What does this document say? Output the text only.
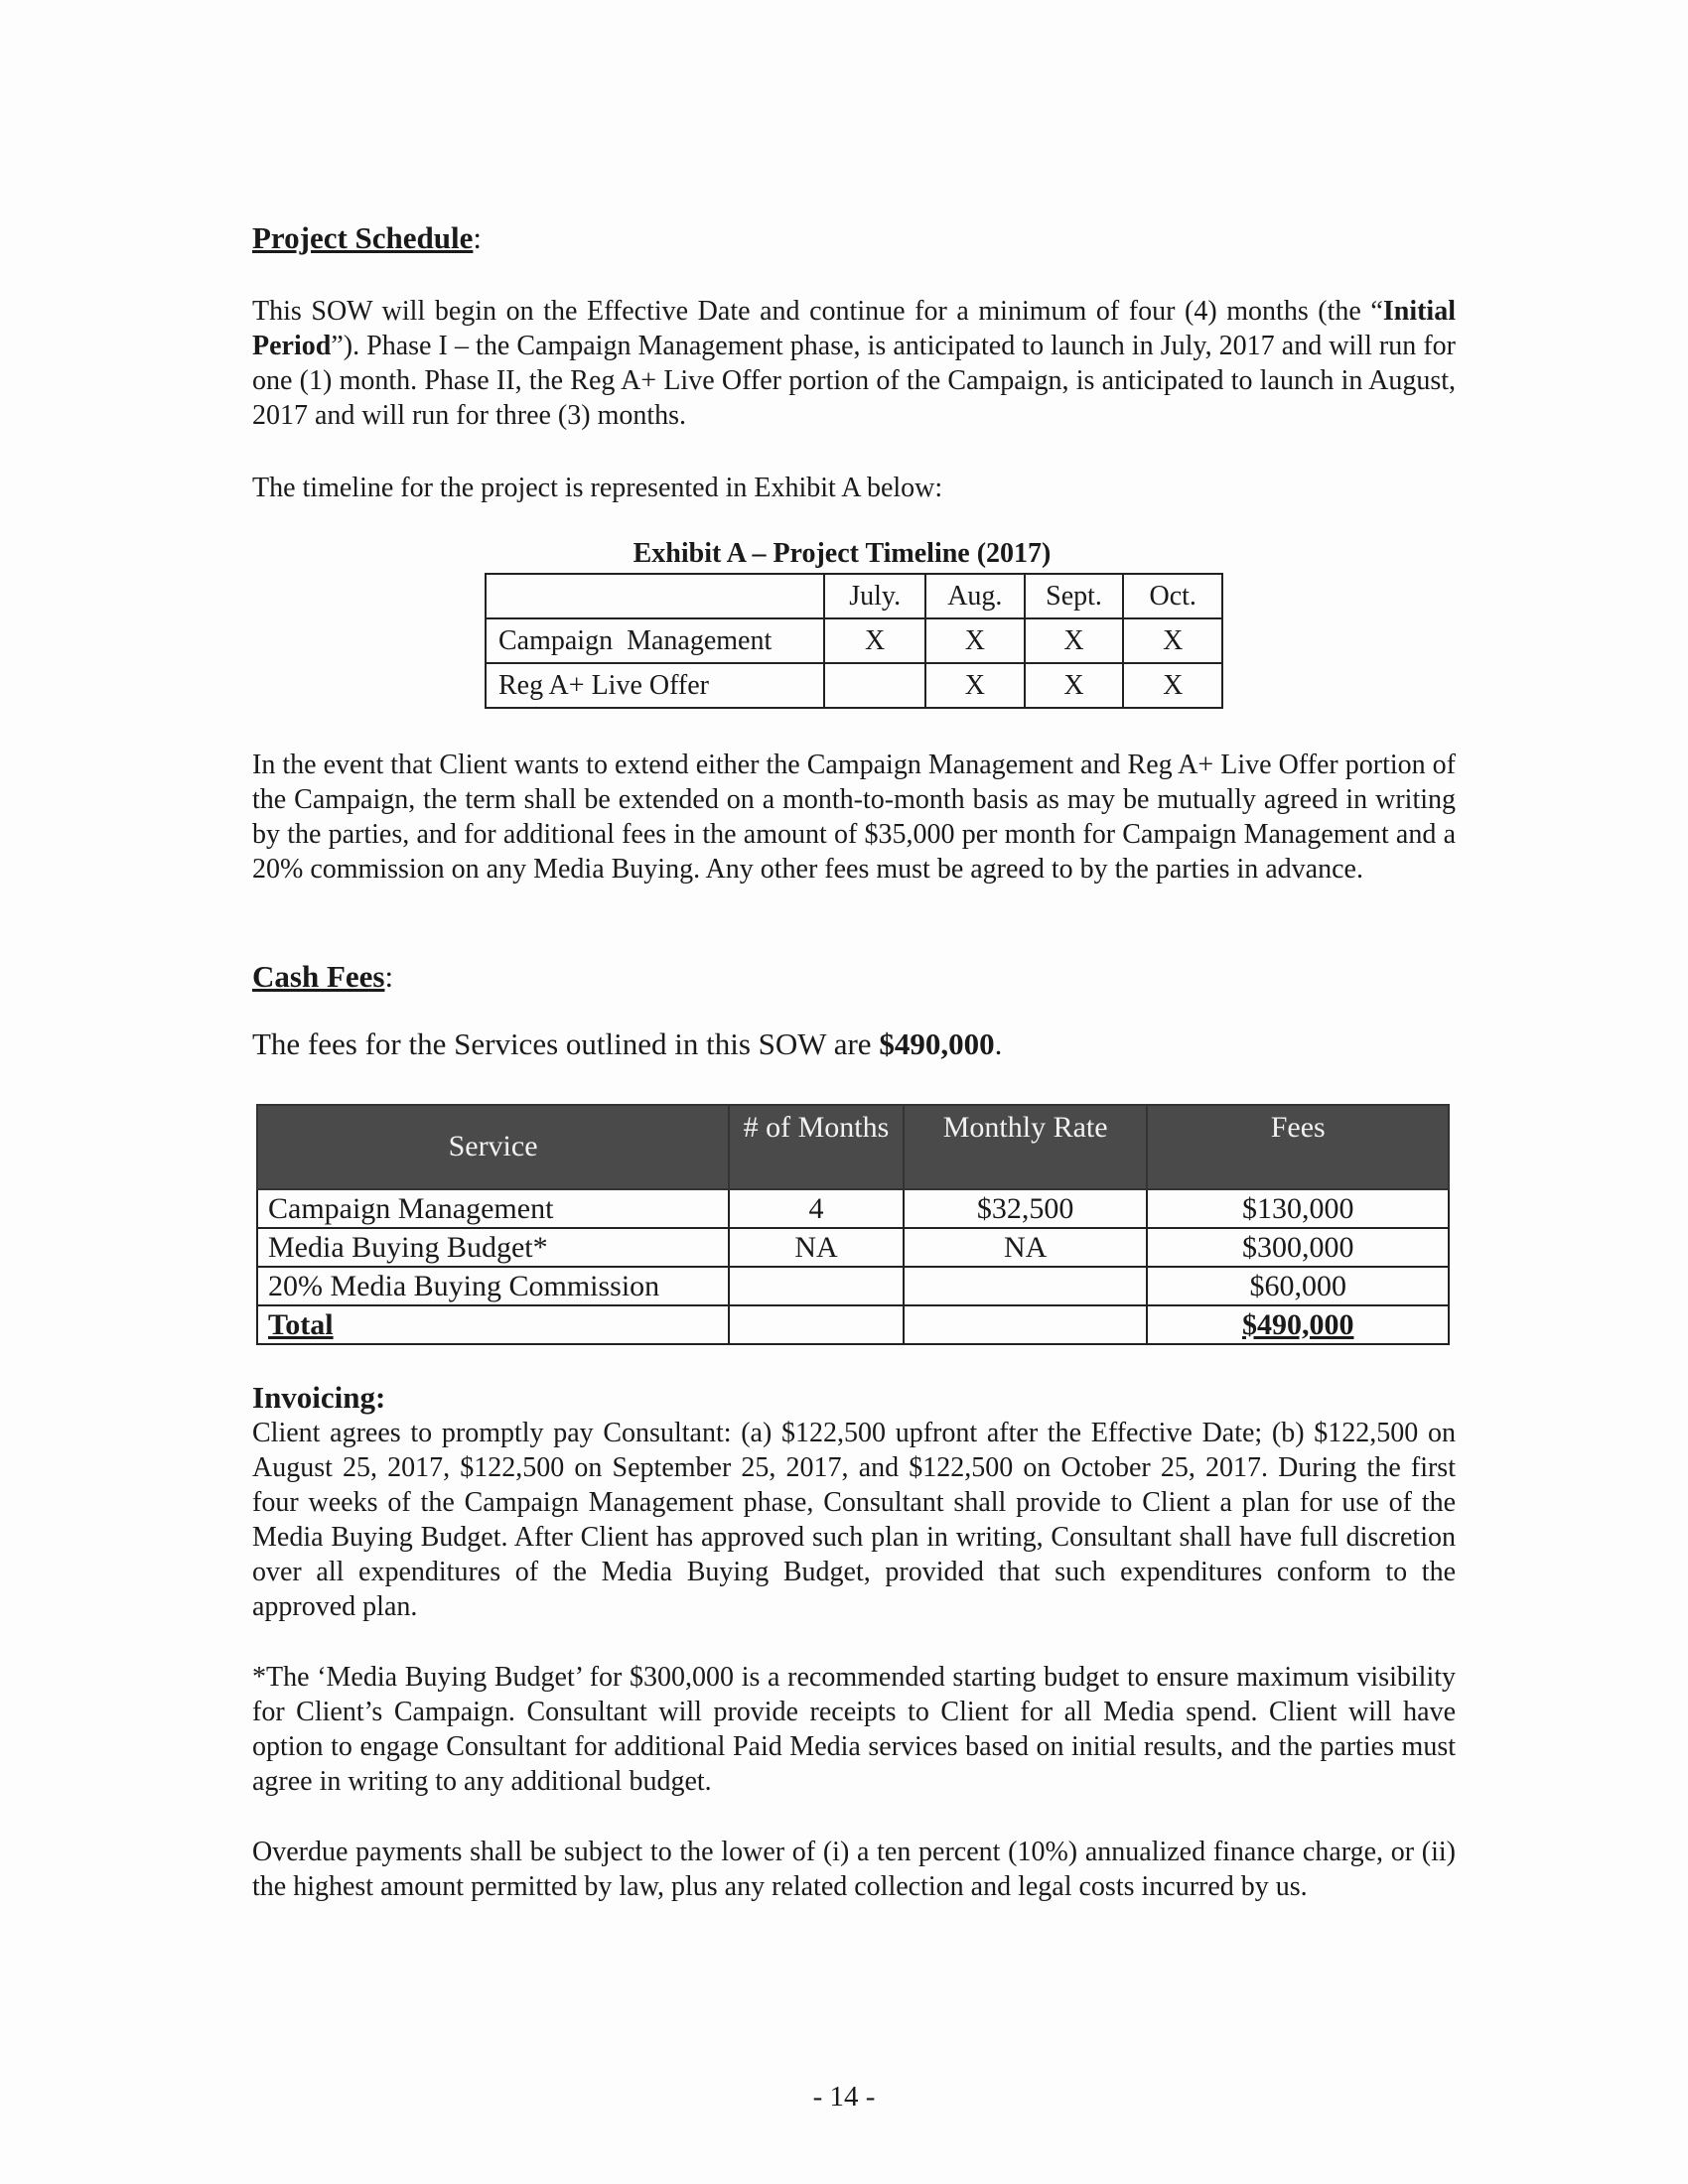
Project Schedule:

This SOW will begin on the Effective Date and continue for a minimum of four (4) months (the “Initial Period”). Phase I – the Campaign Management phase, is anticipated to launch in July, 2017 and will run for one (1) month. Phase II, the Reg A+ Live Offer portion of the Campaign, is anticipated to launch in August, 2017 and will run for three (3) months.

The timeline for the project is represented in Exhibit A below:

Exhibit A – Project Timeline (2017)
	July.	Aug.	Sept.	Oct.
Campaign  Management	X	X	X	X
Reg A+ Live Offer		X	X	X

In the event that Client wants to extend either the Campaign Management and Reg A+ Live Offer portion of the Campaign, the term shall be extended on a month-to-month basis as may be mutually agreed in writing by the parties, and for additional fees in the amount of $35,000 per month for Campaign Management and a 20% commission on any Media Buying. Any other fees must be agreed to by the parties in advance.

Cash Fees:

The fees for the Services outlined in this SOW are $490,000.

Service	# of Months	Monthly Rate	Fees
Campaign Management	4	$32,500	$130,000
Media Buying Budget*	NA	NA	$300,000
20% Media Buying Commission			$60,000
Total			$490,000
Invoicing:

Client agrees to promptly pay Consultant: (a) $122,500 upfront after the Effective Date; (b) $122,500 on August 25, 2017, $122,500 on September 25, 2017, and $122,500 on October 25, 2017. During the first four weeks of the Campaign Management phase, Consultant shall provide to Client a plan for use of the Media Buying Budget. After Client has approved such plan in writing, Consultant shall have full discretion over all expenditures of the Media Buying Budget, provided that such expenditures conform to the approved plan.

*The ‘Media Buying Budget’ for $300,000 is a recommended starting budget to ensure maximum visibility for Client’s Campaign. Consultant will provide receipts to Client for all Media spend. Client will have option to engage Consultant for additional Paid Media services based on initial results, and the parties must agree in writing to any additional budget.

Overdue payments shall be subject to the lower of (i) a ten percent (10%) annualized finance charge, or (ii) the highest amount permitted by law, plus any related collection and legal costs incurred by us.

- 14 -
